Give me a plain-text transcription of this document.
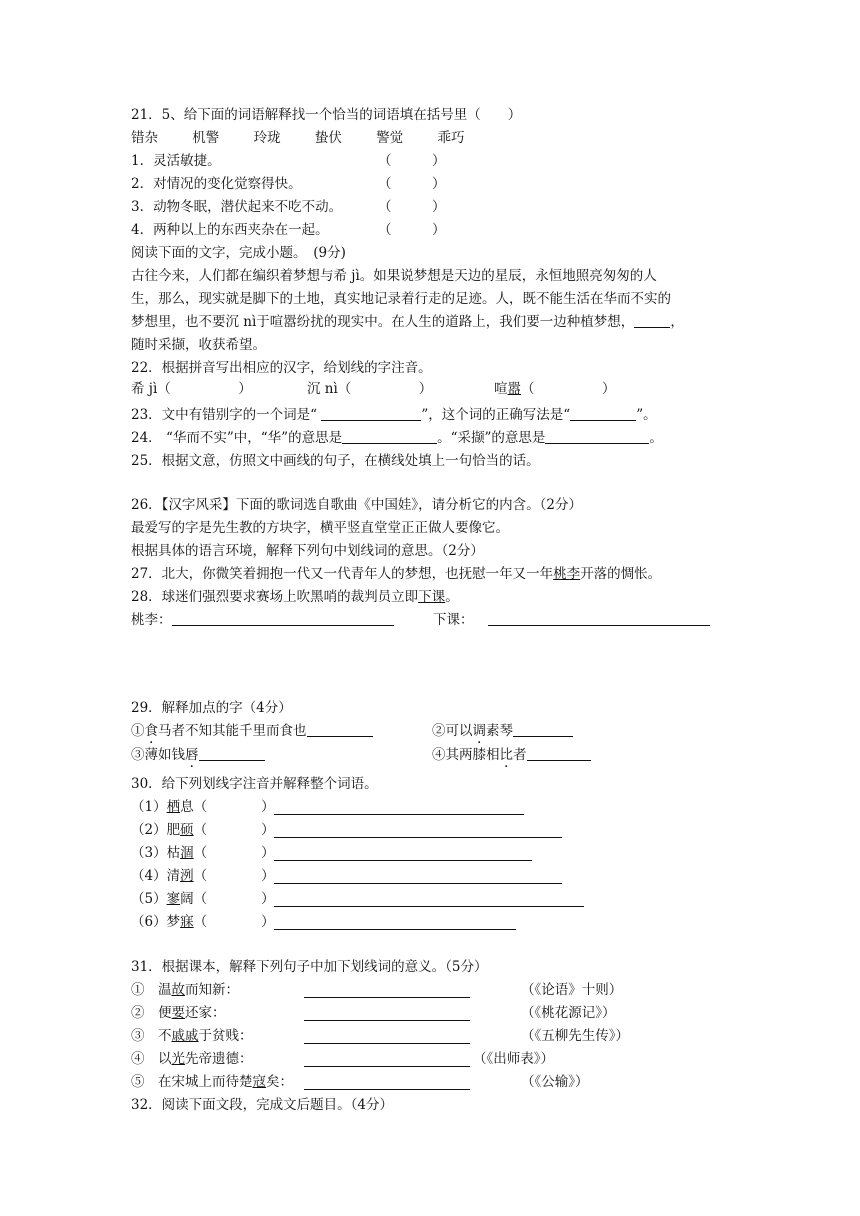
21．5、给下面的词语解释找一个恰当的词语填在括号里（　　）
错杂	机警	玲珑	蛰伏	警觉	乖巧
1．灵活敏捷。	（　　　）
2．对情况的变化觉察得快。	（　　　）
3．动物冬眠，潜伏起来不吃不动。	（　　　）
4．两种以上的东西夹杂在一起。	（　　　）
阅读下面的文字，完成小题。　(9分)
古往今来，人们都在编织着梦想与希 jì。如果说梦想是天边的星辰，永恒地照亮匆匆的人
生，那么，现实就是脚下的土地，真实地记录着行走的足迹。人，既不能生活在华而不实的
梦想里，也不要沉 nì于喧嚣纷扰的现实中。在人生的道路上，我们要一边种植梦想，	，
随时采撷，收获希望。
22．根据拼音写出相应的汉字，给划线的字注音。
希 jì（　　　　　）	沉 nì（　　　　　）	喧嚣（　　　　　）
23．文中有错别字的一个词是“	”，这个词的正确写法是“	”。
24． “华而不实”中，“华”的意思是	。“采撷”的意思是	。
25．根据文意，仿照文中画线的句子，在横线处填上一句恰当的话。
26．【汉字风采】下面的歌词选自歌曲《中国娃》，请分析它的内含。（2分）
最爱写的字是先生教的方块字，横平竖直堂堂正正做人要像它。
根据具体的语言环境，解释下列句中划线词的意思。（2分）
27．北大，你微笑着拥抱一代又一代青年人的梦想，也抚慰一年又一年桃李开落的惆怅。
28．球迷们强烈要求赛场上吹黑哨的裁判员立即下课。
桃李：	下课：
29．解释加点的字（4分）
①食马者不知其能千里而食也	②可以调素琴
③薄如钱唇	④其两膝相比者
30．给下列划线字注音并解释整个词语。
（1）栖息（　　　　）
（2）肥硕（　　　　）
（3）枯涸（　　　　）
（4）清洌（　　　　）
（5）寥阔（　　　　）
（6）梦寐（　　　　）
31．根据课本，解释下列句子中加下划线词的意义。（5分）
①　温故而知新：	（《论语》十则）
②　便要还家：	（《桃花源记》）
③　不戚戚于贫贱：	（《五柳先生传》）
④　以光先帝遗德：	（《出师表》）
⑤　在宋城上而待楚寇矣：	（《公输》）
32．阅读下面文段，完成文后题目。（4分）
